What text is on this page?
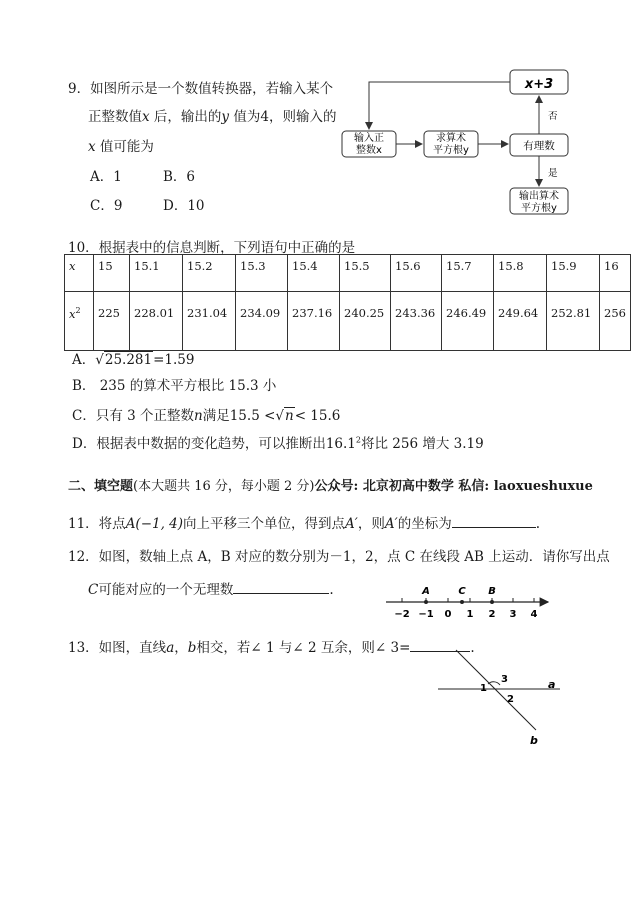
9．如图所示是一个数值转换器，若输入某个
正整数值x 后，输出的y 值为4，则输入的
x 值可能为
A．1	B．6
C．9	D．10
输入正
整数x
求算术
平方根y	有理数
x+3
输出算术
平方根y
否
是
10．根据表中的信息判断，下列语句中正确的是
x	15	15.1	15.2	15.3	15.4	15.5	15.6	15.7	15.8	15.9	16
$x^2$	225	228.01	231.04	234.09	237.16	240.25	243.36	246.49	249.64	252.81	256
A．√25.281=1.59
B． 235 的算术平方根比 15.3 小
C．只有 3 个正整数n满足15.5 <√n< 15.6
D．根据表中数据的变化趋势，可以推断出16.1$^2$将比 256 增大 3.19
二、填空题(本大题共 16 分，每小题 2 分)公众号: 北京初高中数学 私信: laoxueshuxue
11．将点A(−1, 4)向上平移三个单位，得到点A′，则A′的坐标为	.
12．如图，数轴上点 A，B 对应的数分别为－1，2，点 C 在线段 AB 上运动．请你写出点
C可能对应的一个无理数	.	A	C B
−2 −1 0 1 2 3 4
13．如图，直线a，b相交，若∠ 1 与∠ 2 互余，则∠ 3=	.
1
2
3	a
b
